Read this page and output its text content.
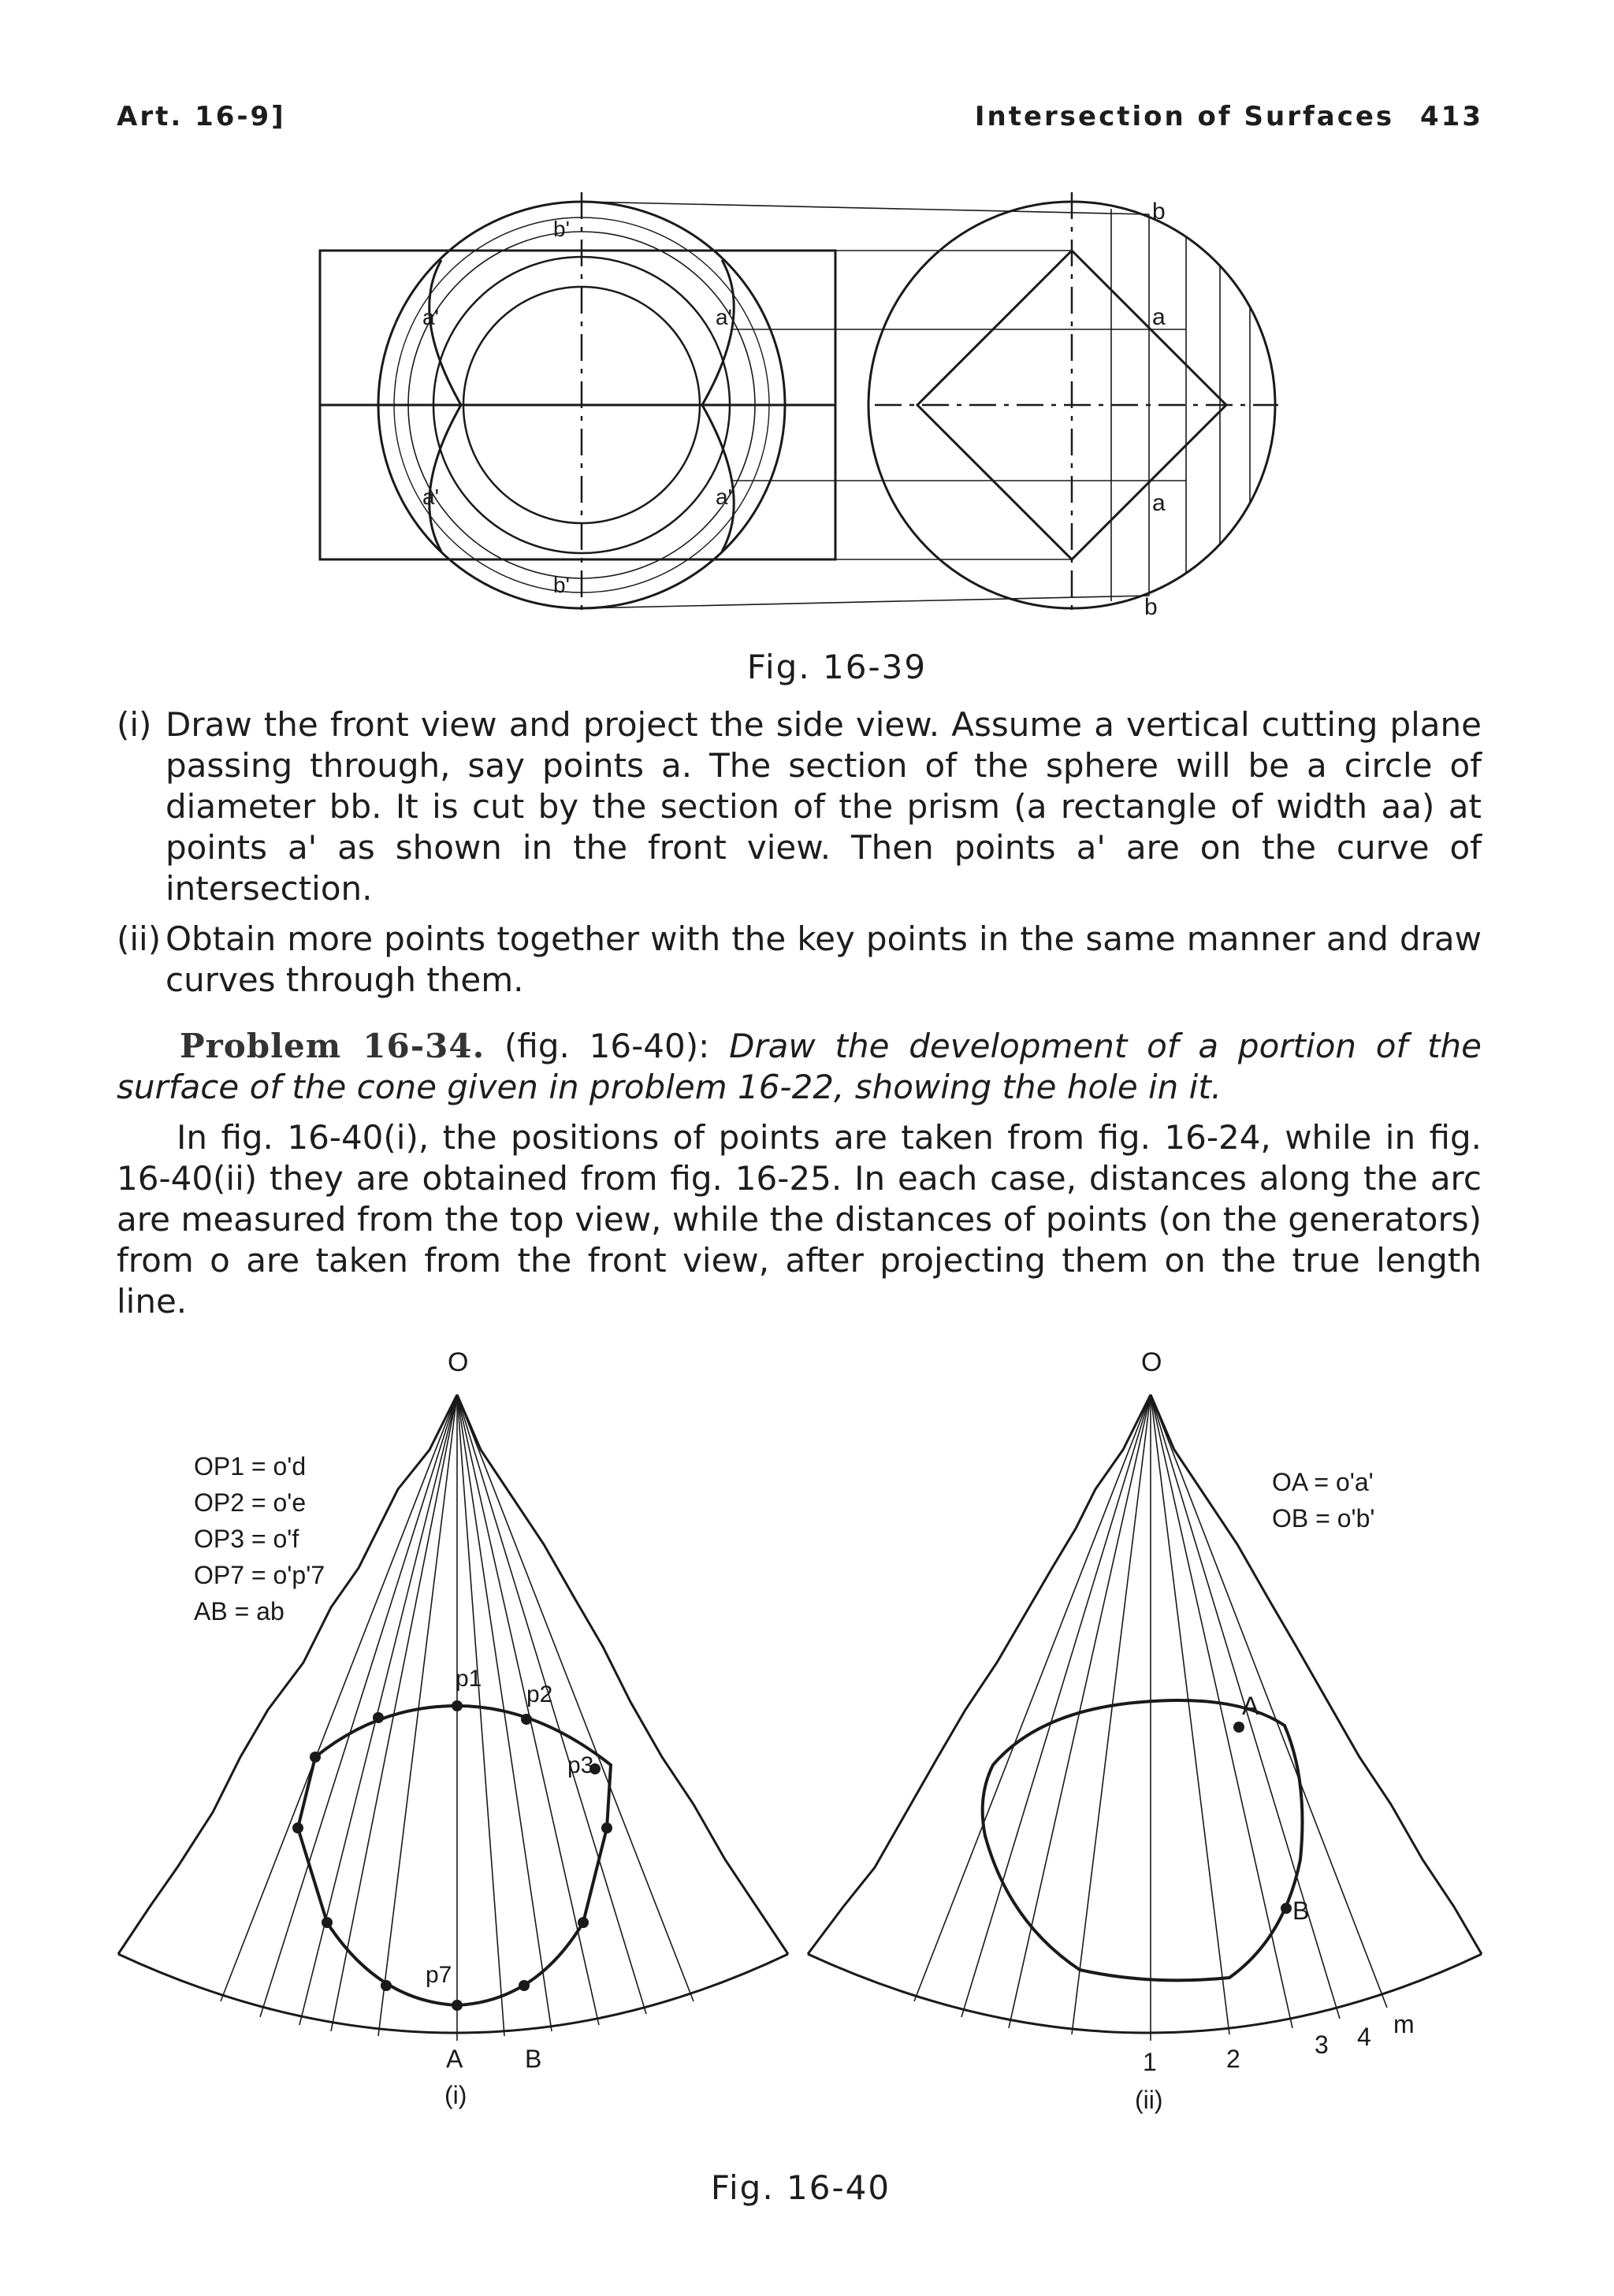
Art. 16-9]	Intersection of Surfaces 413
b'
b'
a'	a'
a'	a'
b
a
a
b
Fig. 16-39
(i) Draw the front view and project the side view. Assume a vertical cutting plane passing through, say points a. The section of the sphere will be a circle of diameter bb. It is cut by the section of the prism (a rectangle of width aa) at points a' as shown in the front view. Then points a' are on the curve of intersection.
(ii) Obtain more points together with the key points in the same manner and draw curves through them.
Problem 16-34. (fig. 16-40): Draw the development of a portion of the surface of the cone given in problem 16-22, showing the hole in it.
In fig. 16-40(i), the positions of points are taken from fig. 16-24, while in fig. 16-40(ii) they are obtained from fig. 16-25. In each case, distances along the arc are measured from the top view, while the distances of points (on the generators) from o are taken from the front view, after projecting them on the true length line.
O
OP1 = o'd
OP2 = o'e
OP3 = o'f
OP7 = o'p'7
AB = ab
p1
p2
p3
p7
A B
(i)
O
OA = o'a'
OB = o'b'
A
B
1	2	3 4 m
(ii)
Fig. 16-40
